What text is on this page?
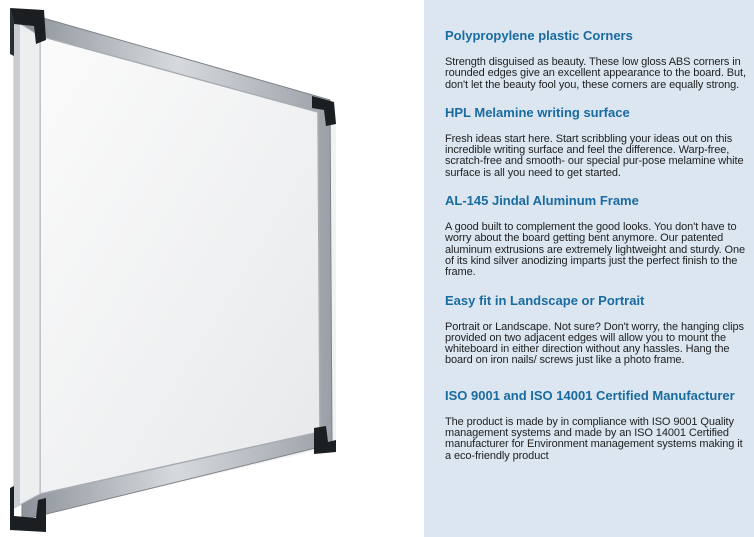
Polypropylene plastic Corners

Strength disguised as beauty. These low gloss ABS corners in rounded edges give an excellent appearance to the board. But, don't let the beauty fool you, these corners are equally strong.

HPL Melamine writing surface

Fresh ideas start here. Start scribbling your ideas out on this incredible writing surface and feel the difference. Warp-free, scratch-free and smooth- our special pur-pose melamine white surface is all you need to get started.

AL-145 Jindal Aluminum Frame

A good built to complement the good looks. You don't have to worry about the board getting bent anymore. Our patented aluminum extrusions are extremely lightweight and sturdy. One of its kind silver anodizing imparts just the perfect finish to the frame.

Easy fit in Landscape or Portrait

Portrait or Landscape. Not sure? Don't worry, the hanging clips provided on two adjacent edges will allow you to mount the whiteboard in either direction without any hassles. Hang the board on iron nails/ screws just like a photo frame.

ISO 9001 and ISO 14001 Certified Manufacturer

The product is made by in compliance with ISO 9001 Quality management systems and made by an ISO 14001 Certified manufacturer for Environment management systems making it a eco-friendly product
